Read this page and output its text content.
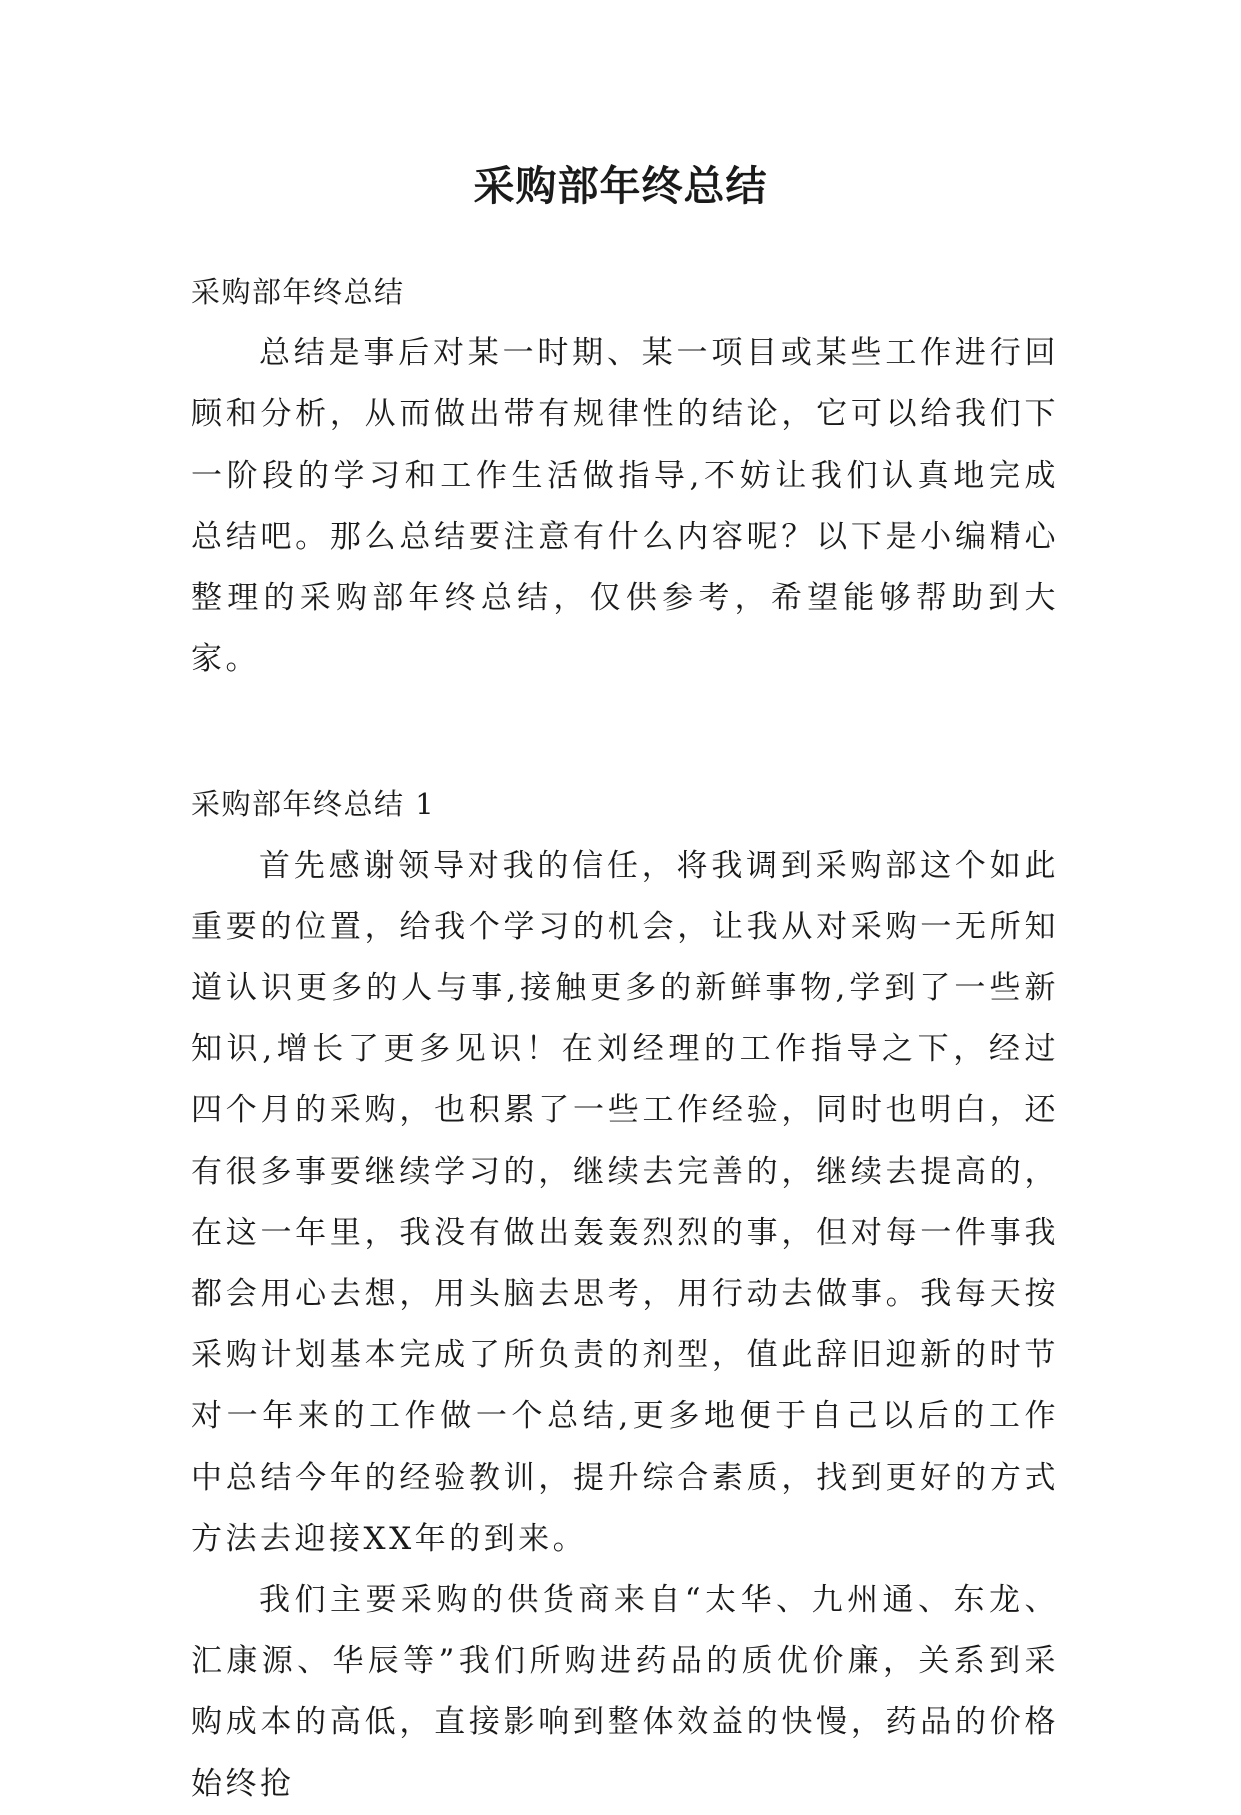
采购部年终总结

采购部年终总结

总结是事后对某一时期、某一项目或某些工作进行回顾和分析，从而做出带有规律性的结论，它可以给我们下一阶段的学习和工作生活做指导,不妨让我们认真地完成总结吧。那么总结要注意有什么内容呢？以下是小编精心整理的采购部年终总结，仅供参考，希望能够帮助到大家。

采购部年终总结 1

首先感谢领导对我的信任，将我调到采购部这个如此重要的位置，给我个学习的机会，让我从对采购一无所知道认识更多的人与事,接触更多的新鲜事物,学到了一些新知识,增长了更多见识！在刘经理的工作指导之下，经过四个月的采购，也积累了一些工作经验，同时也明白，还有很多事要继续学习的，继续去完善的，继续去提高的，在这一年里，我没有做出轰轰烈烈的事，但对每一件事我都会用心去想，用头脑去思考，用行动去做事。我每天按采购计划基本完成了所负责的剂型，值此辞旧迎新的时节对一年来的工作做一个总结,更多地便于自己以后的工作中总结今年的经验教训，提升综合素质，找到更好的方式方法去迎接XX年的到来。

我们主要采购的供货商来自“太华、九州通、东龙、汇康源、华辰等”我们所购进药品的质优价廉，关系到采购成本的高低，直接影响到整体效益的快慢，药品的价格始终抢
